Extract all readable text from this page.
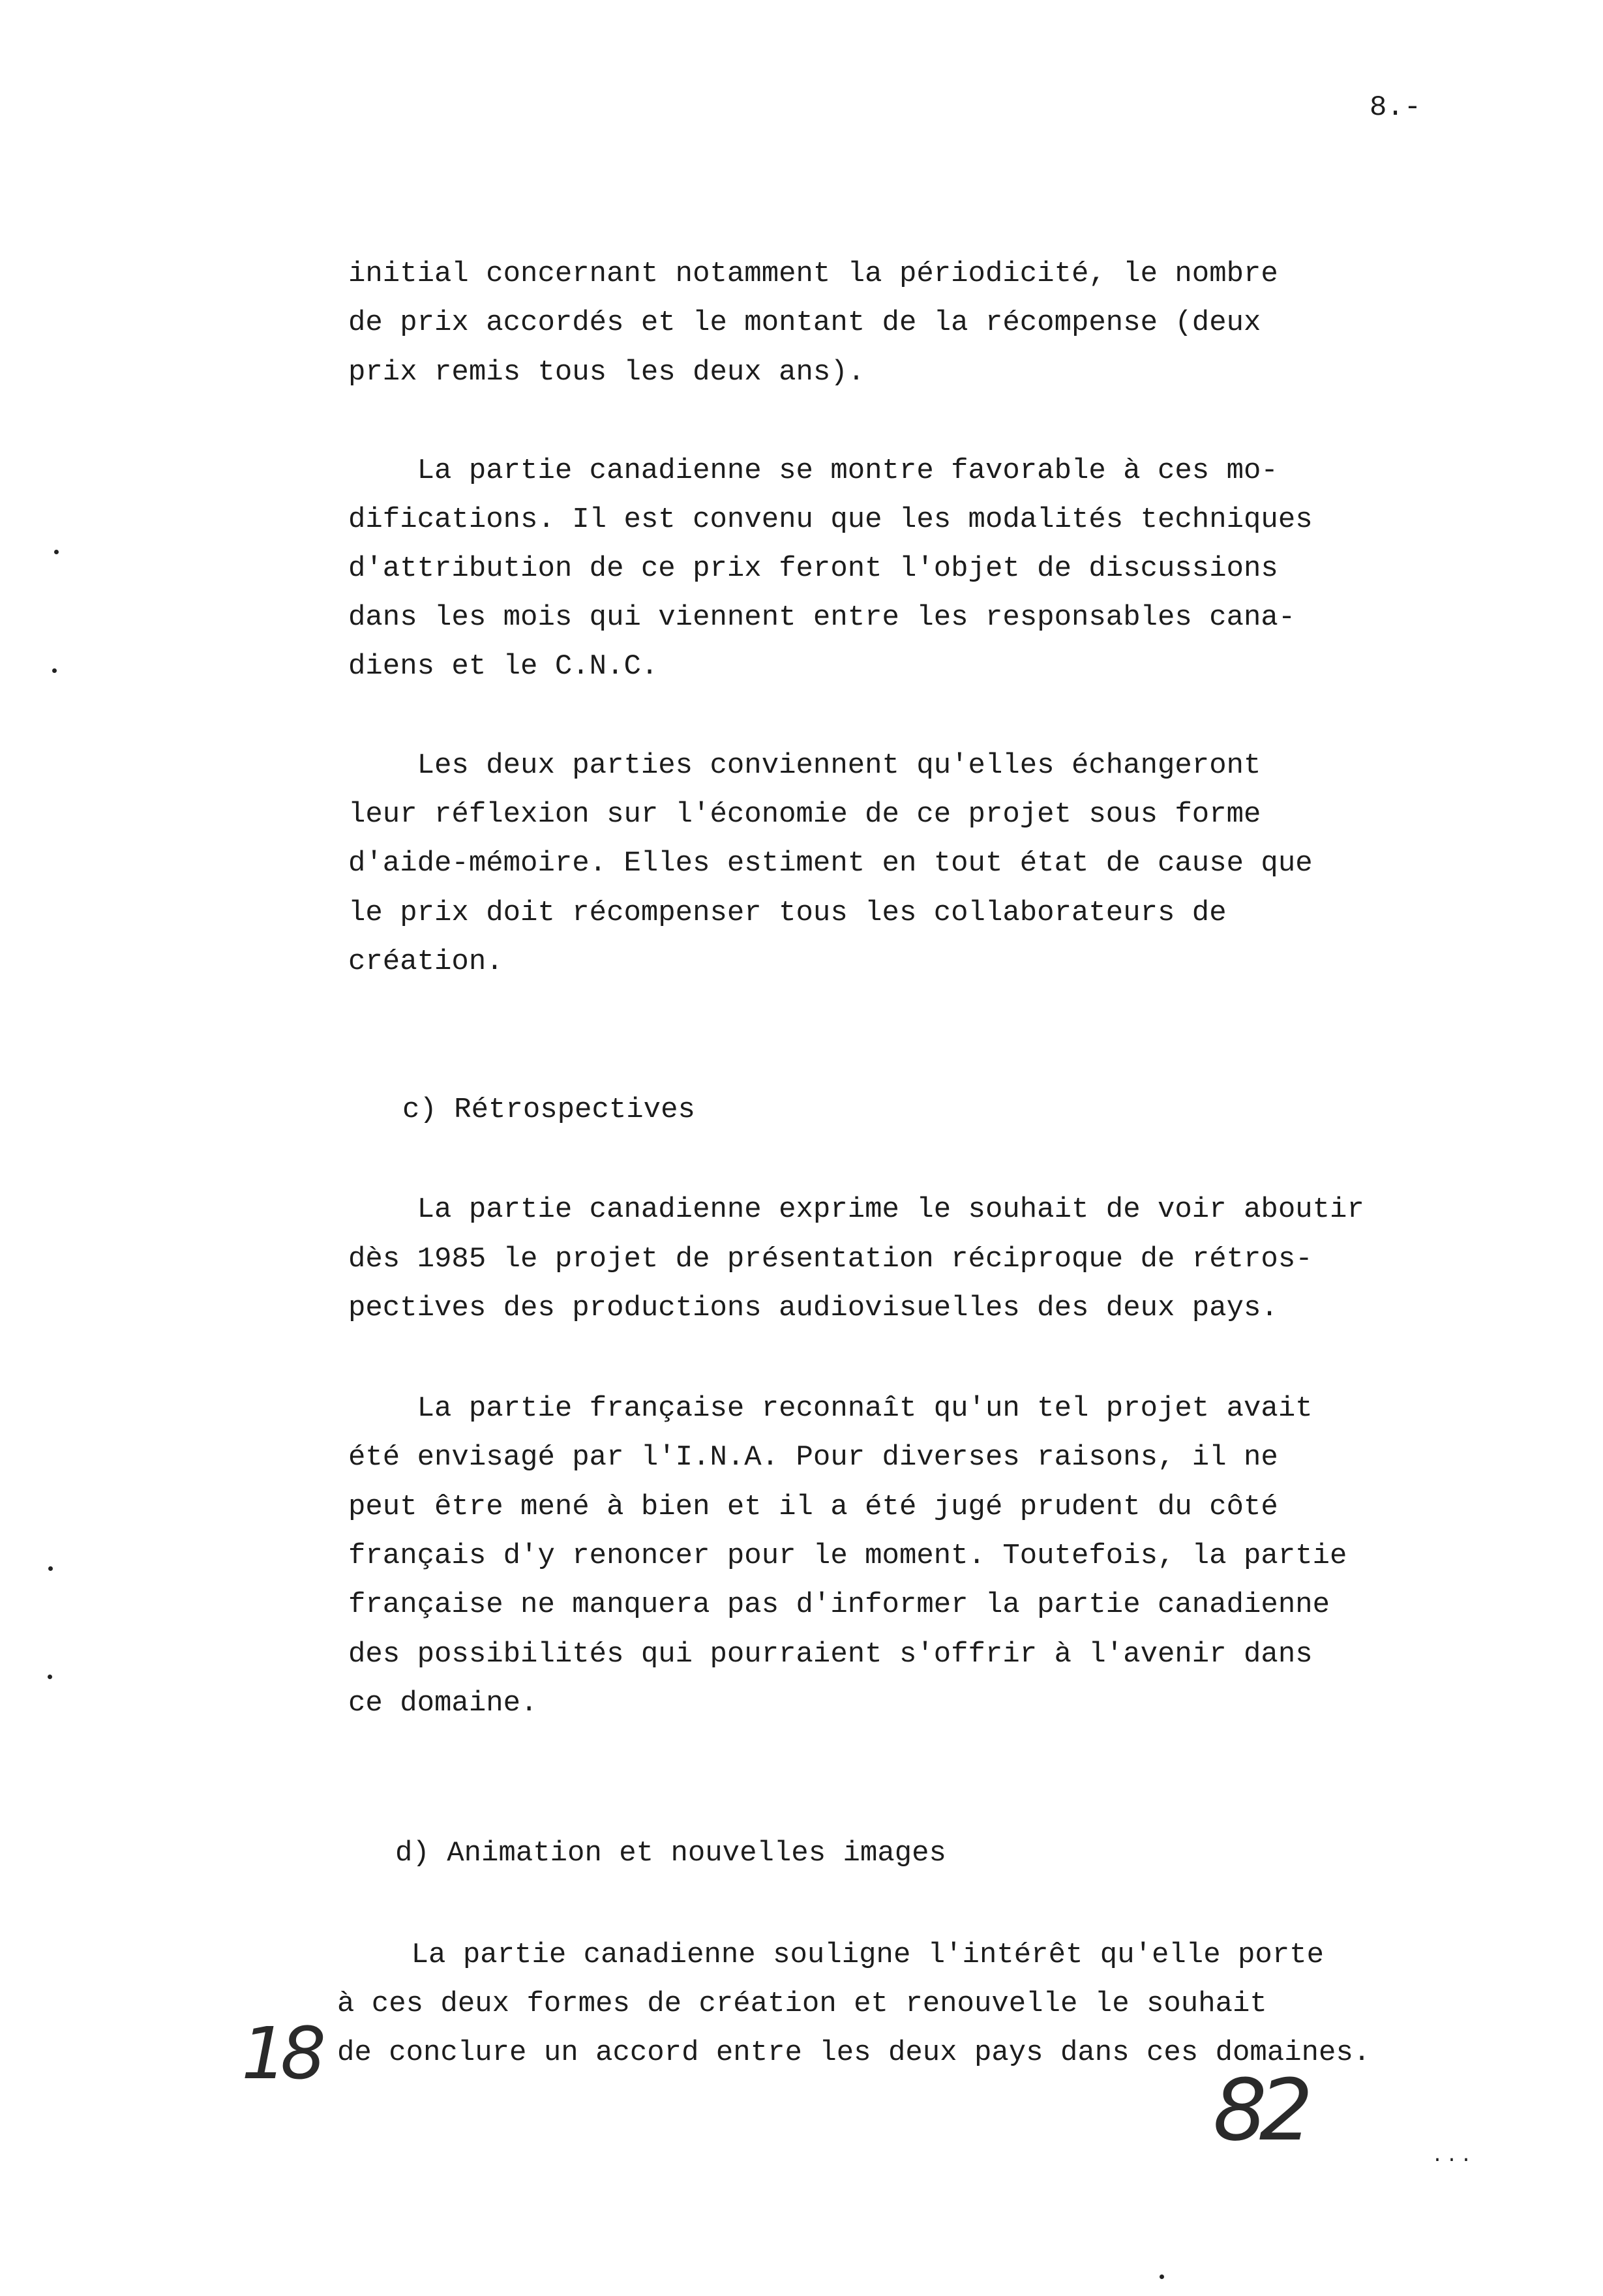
8.-
initial concernant notamment la périodicité, le nombre
de prix accordés et le montant de la récompense (deux
prix remis tous les deux ans).
La partie canadienne se montre favorable à ces mo-
difications. Il est convenu que les modalités techniques
d'attribution de ce prix feront l'objet de discussions
dans les mois qui viennent entre les responsables cana-
diens et le C.N.C.
Les deux parties conviennent qu'elles échangeront
leur réflexion sur l'économie de ce projet sous forme
d'aide-mémoire. Elles estiment en tout état de cause que
le prix doit récompenser tous les collaborateurs de
création.
c) Rétrospectives
La partie canadienne exprime le souhait de voir aboutir
dès 1985 le projet de présentation réciproque de rétros-
pectives des productions audiovisuelles des deux pays.
La partie française reconnaît qu'un tel projet avait
été envisagé par l'I.N.A. Pour diverses raisons, il ne
peut être mené à bien et il a été jugé prudent du côté
français d'y renoncer pour le moment. Toutefois, la partie
française ne manquera pas d'informer la partie canadienne
des possibilités qui pourraient s'offrir à l'avenir dans
ce domaine.
d) Animation et nouvelles images
La partie canadienne souligne l'intérêt qu'elle porte
à ces deux formes de création et renouvelle le souhait
de conclure un accord entre les deux pays dans ces domaines.
18
82	...
